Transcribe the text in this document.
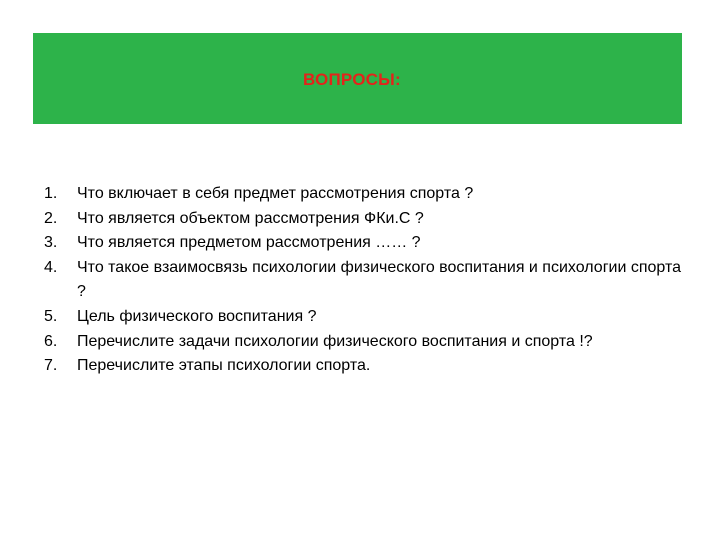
ВОПРОСЫ:
1.	Что включает в себя предмет рассмотрения спорта ?
2.	Что является объектом рассмотрения ФКи.С ?
3.	Что является предметом рассмотрения …… ?
4.	Что такое взаимосвязь психологии физического воспитания и психологии спорта ?
5.	Цель физического воспитания ?
6.	Перечислите задачи психологии физического воспитания и спорта !?
7.	Перечислите этапы психологии спорта.
